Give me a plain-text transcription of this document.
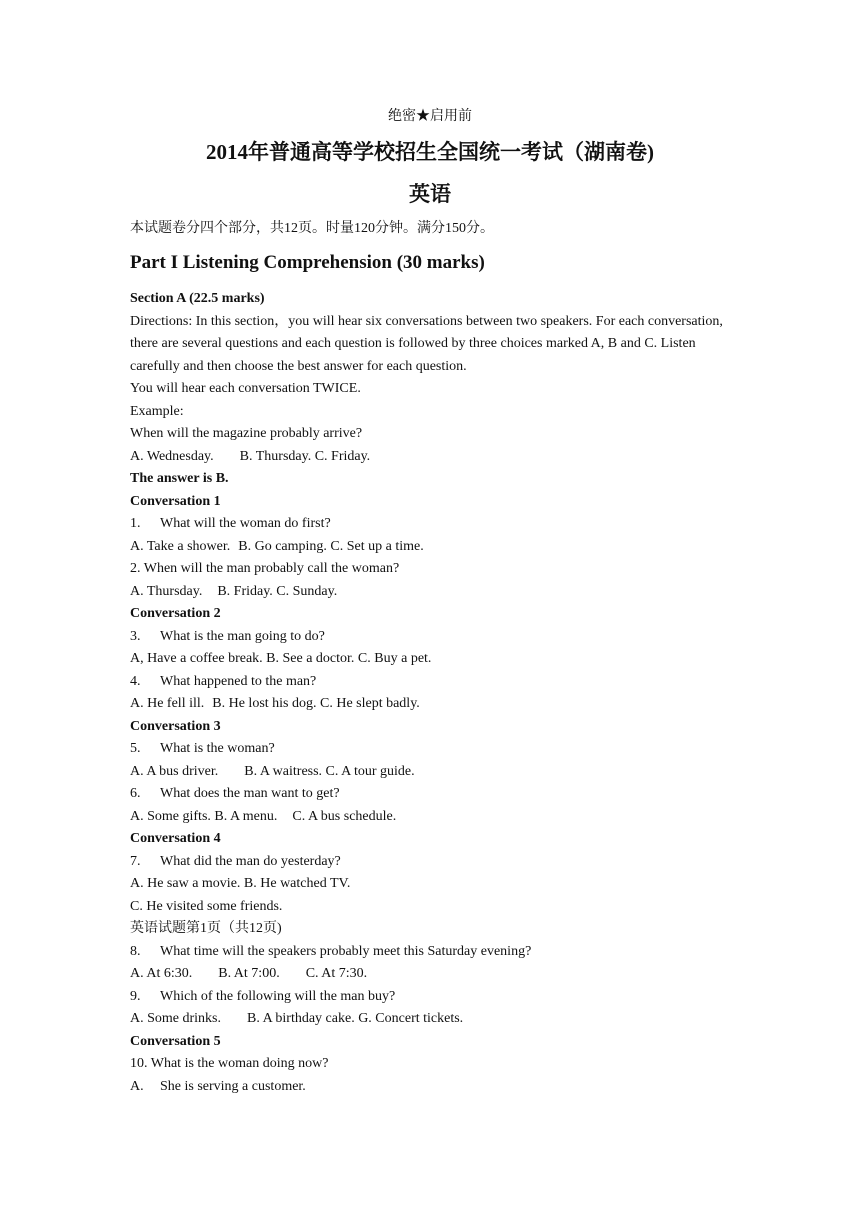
绝密★启用前
2014年普通高等学校招生全国统一考试（湖南卷)
英语
本试题卷分四个部分，共12页。时量120分钟。满分150分。
Part I Listening Comprehension (30 marks)

Section A (22.5 marks)

Directions: In this section，you will hear six conversations between two speakers. For each conversation, there are several questions and each question is followed by three choices marked A, B and C. Listen carefully and then choose the best answer for each question.

You will hear each conversation TWICE.

Example:

When will the magazine probably arrive?

A. Wednesday. B. Thursday. C. Friday.

The answer is B.

Conversation 1

1. What will the woman do first?

A. Take a shower. B. Go camping. C. Set up a time.

2. When will the man probably call the woman?

A. Thursday. B. Friday. C. Sunday.

Conversation 2

3. What is the man going to do?

A, Have a coffee break. B. See a doctor. C. Buy a pet.

4. What happened to the man?

A. He fell ill. B. He lost his dog. C. He slept badly.

Conversation 3

5. What is the woman?

A. A bus driver. B. A waitress. C. A tour guide.

6. What does the man want to get?

A. Some gifts. B. A menu. C. A bus schedule.

Conversation 4

7. What did the man do yesterday?

A. He saw a movie. B. He watched TV.

C. He visited some friends.

英语试题第1页（共12页)

8. What time will the speakers probably meet this Saturday evening?

A. At 6:30. B. At 7:00. C. At 7:30.

9. Which of the following will the man buy?

A. Some drinks. B. A birthday cake. G. Concert tickets.

Conversation 5

10. What is the woman doing now?

A. She is serving a customer.
